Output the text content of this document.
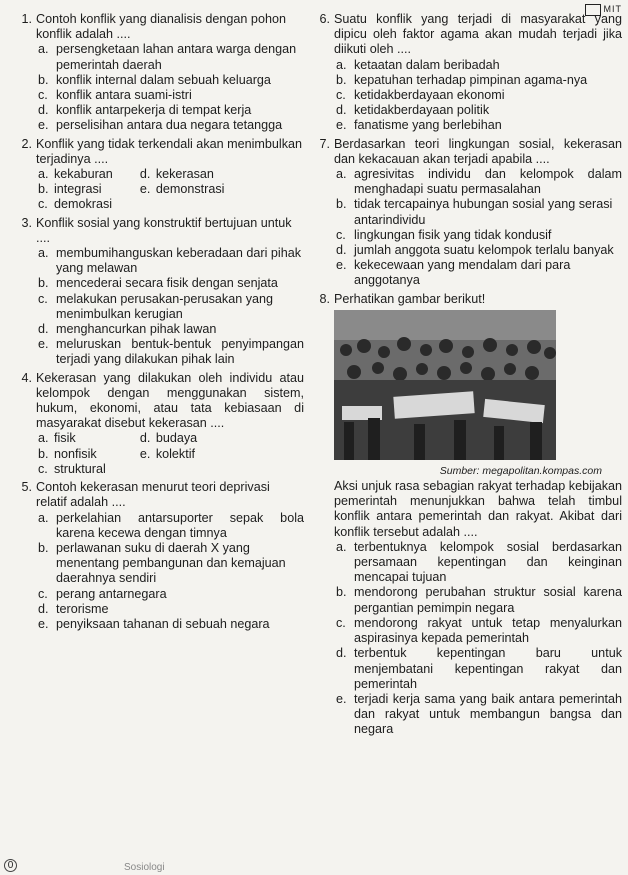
1. Contoh konflik yang dianalisis dengan pohon konflik adalah ....
a. persengketaan lahan antara warga dengan pemerintah daerah
b. konflik internal dalam sebuah keluarga
c. konflik antara suami-istri
d. konflik antarpekerja di tempat kerja
e. perselisihan antara dua negara tetangga
2. Konflik yang tidak terkendali akan menimbulkan terjadinya ....
a. kekaburan	d. kekerasan
b. integrasi	e. demonstrasi
c. demokrasi
3. Konflik sosial yang konstruktif bertujuan untuk ....
a. membumihanguskan keberadaan dari pihak yang melawan
b. mencederai secara fisik dengan senjata
c. melakukan perusakan-perusakan yang menimbulkan kerugian
d. menghancurkan pihak lawan
e. meluruskan bentuk-bentuk penyimpangan terjadi yang dilakukan pihak lain
4. Kekerasan yang dilakukan oleh individu atau kelompok dengan menggunakan sistem, hukum, ekonomi, atau tata kebiasaan di masyarakat disebut kekerasan ....
a. fisik	d. budaya
b. nonfisik	e. kolektif
c. struktural
5. Contoh kekerasan menurut teori deprivasi relatif adalah ....
a. perkelahian antarsuporter sepak bola karena kecewa dengan timnya
b. perlawanan suku di daerah X yang menentang pembangunan dan kemajuan daerahnya sendiri
c. perang antarnegara
d. terorisme
e. penyiksaan tahanan di sebuah negara
6. Suatu konflik yang terjadi di masyarakat yang dipicu oleh faktor agama akan mudah terjadi jika diikuti oleh ....
a. ketaatan dalam beribadah
b. kepatuhan terhadap pimpinan agama-nya
c. ketidakberdayaan ekonomi
d. ketidakberdayaan politik
e. fanatisme yang berlebihan
7. Berdasarkan teori lingkungan sosial, kekerasan dan kekacauan akan terjadi apabila ....
a. agresivitas individu dan kelompok dalam menghadapi suatu permasalahan
b. tidak tercapainya hubungan sosial yang serasi antarindividu
c. lingkungan fisik yang tidak kondusif
d. jumlah anggota suatu kelompok terlalu banyak
e. kekecewaan yang mendalam dari para anggotanya
8. Perhatikan gambar berikut!
Sumber: megapolitan.kompas.com
Aksi unjuk rasa sebagian rakyat terhadap kebijakan pemerintah menunjukkan bahwa telah timbul konflik antara pemerintah dan rakyat. Akibat dari konflik tersebut adalah ....
a. terbentuknya kelompok sosial berdasarkan persamaan kepentingan dan keinginan mencapai tujuan
b. mendorong perubahan struktur sosial karena pergantian pemimpin negara
c. mendorong rakyat untuk tetap menyalurkan aspirasinya kepada pemerintah
d. terbentuk kepentingan baru untuk menjembatani kepentingan rakyat dan pemerintah
e. terjadi kerja sama yang baik antara pemerintah dan rakyat untuk membangun bangsa dan negara
MIT
0	Sosiologi
